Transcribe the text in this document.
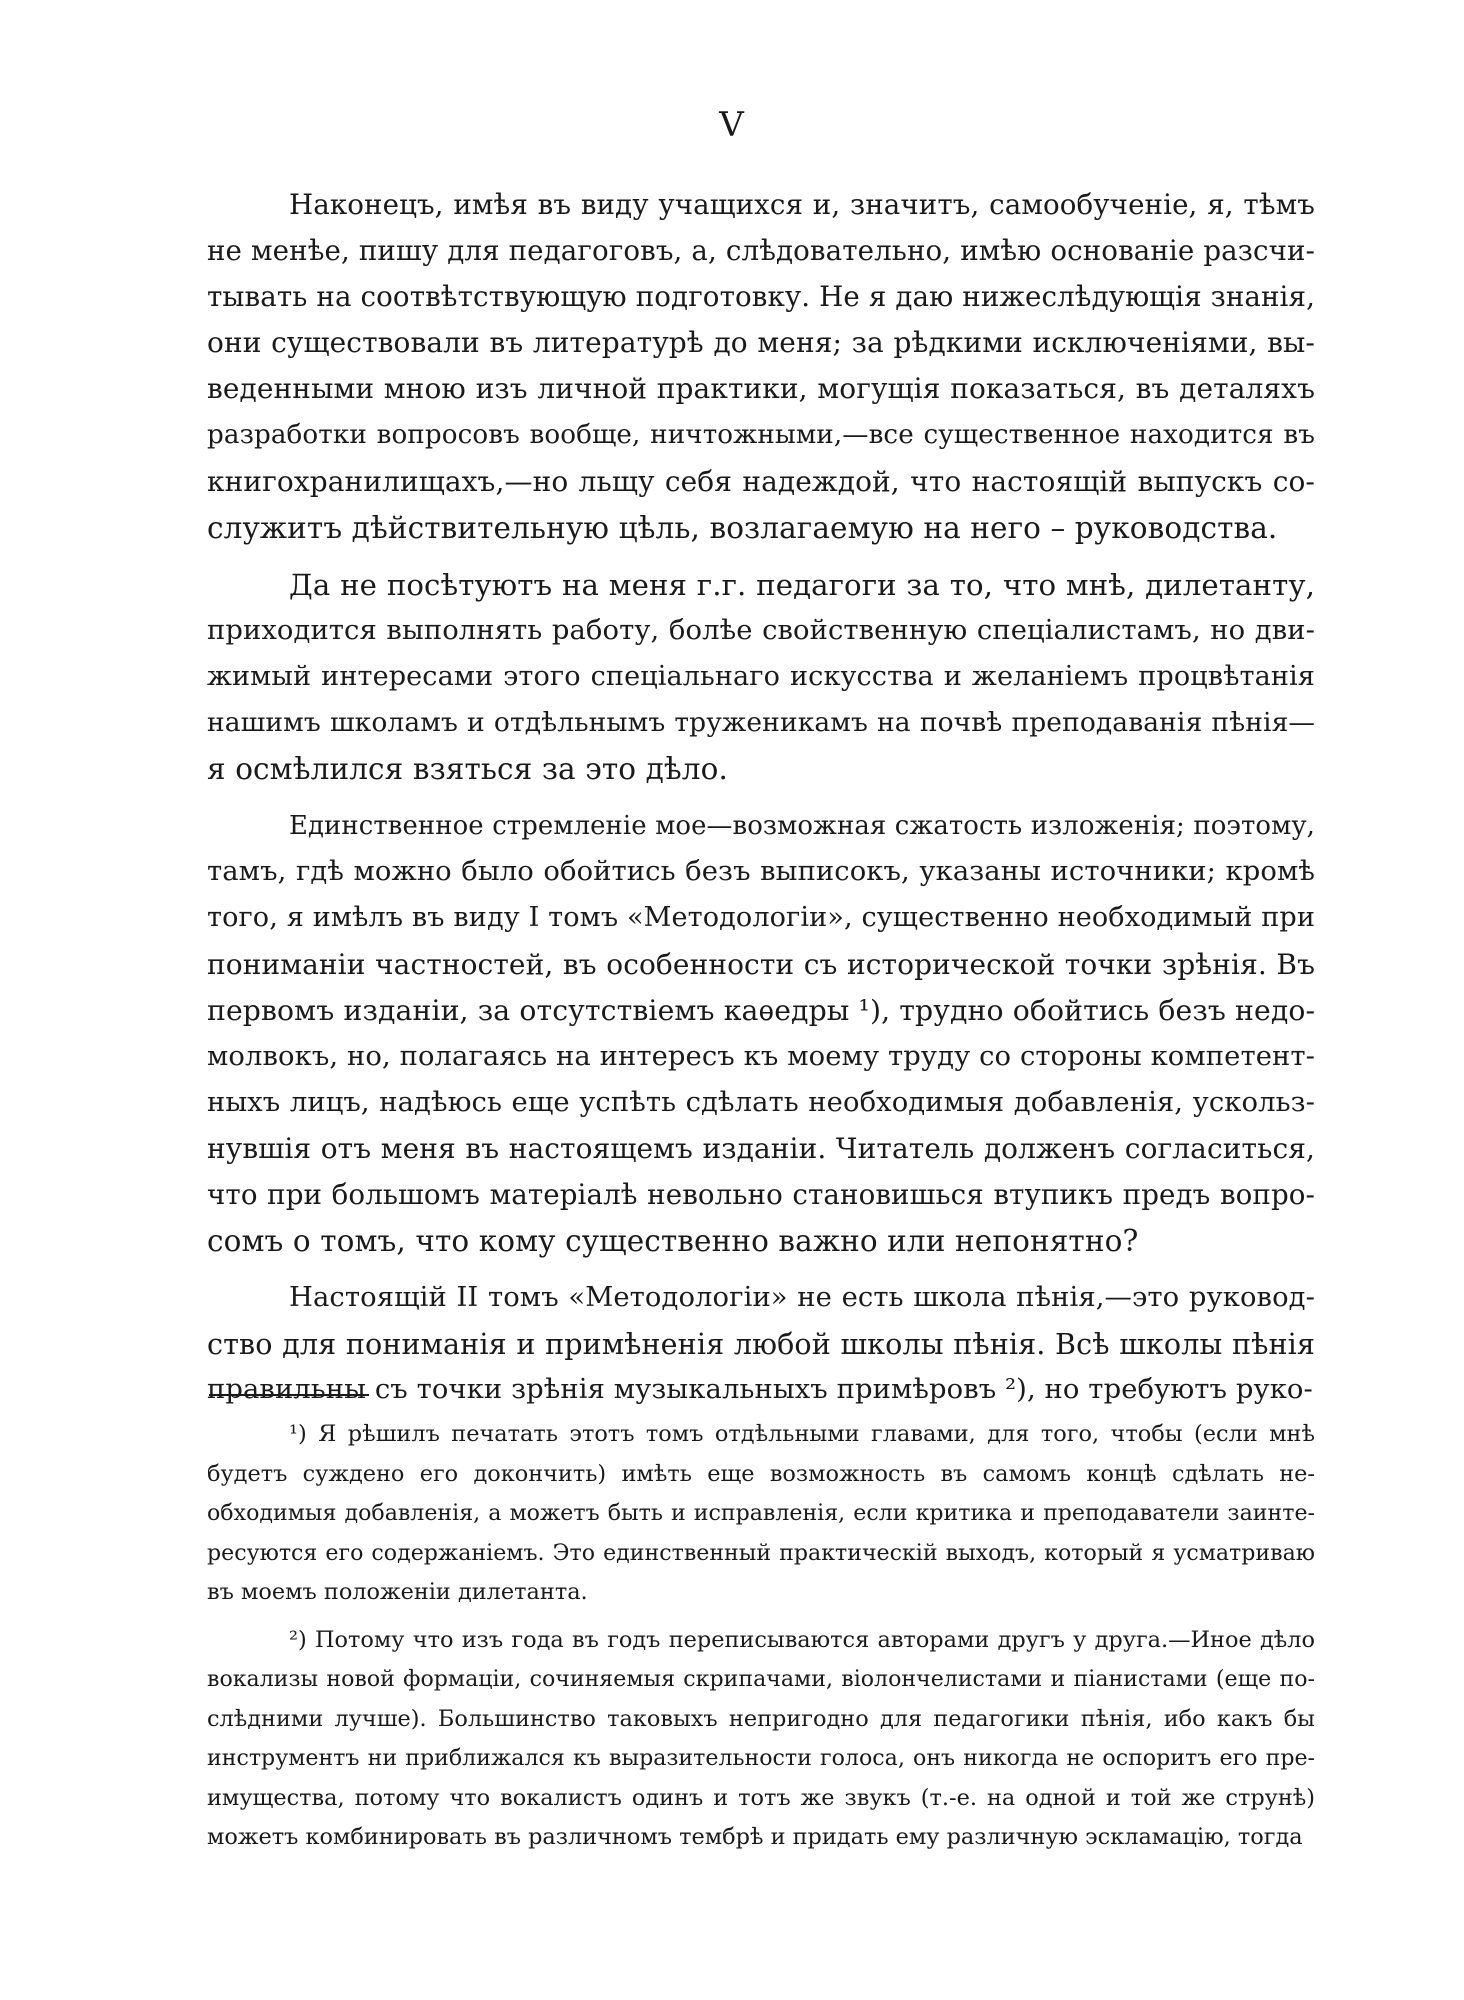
V
Наконецъ, имѣя въ виду учащихся и, значитъ, самообученіе, я, тѣмъ
не менѣе, пишу для педагоговъ, а, слѣдовательно, имѣю основаніе разсчи-
тывать на соотвѣтствующую подготовку. Не я даю нижеслѣдующія знанія,
они существовали въ литературѣ до меня; за рѣдкими исключеніями, вы-
веденными мною изъ личной практики, могущія показаться, въ деталяхъ
разработки вопросовъ вообще, ничтожными,—все существенное находится въ
книгохранилищахъ,—но льщу себя надеждой, что настоящій выпускъ со-
служитъ дѣйствительную цѣль, возлагаемую на него – руководства.
Да не посѣтуютъ на меня г.г. педагоги за то, что мнѣ, дилетанту,
приходится выполнять работу, болѣе свойственную спеціалистамъ, но дви-
жимый интересами этого спеціальнаго искусства и желаніемъ процвѣтанія
нашимъ школамъ и отдѣльнымъ труженикамъ на почвѣ преподаванія пѣнія—
я осмѣлился взяться за это дѣло.
Единственное стремленіе мое—возможная сжатость изложенія; поэтому,
тамъ, гдѣ можно было обойтись безъ выписокъ, указаны источники; кромѣ
того, я имѣлъ въ виду I томъ «Методологіи», существенно необходимый при
пониманіи частностей, въ особенности съ исторической точки зрѣнія. Въ
первомъ изданіи, за отсутствіемъ каѳедры ¹), трудно обойтись безъ недо-
молвокъ, но, полагаясь на интересъ къ моему труду со стороны компетент-
ныхъ лицъ, надѣюсь еще успѣть сдѣлать необходимыя добавленія, ускольз-
нувшія отъ меня въ настоящемъ изданіи. Читатель долженъ согласиться,
что при большомъ матеріалѣ невольно становишься втупикъ предъ вопро-
сомъ о томъ, что кому существенно важно или непонятно?
Настоящій II томъ «Методологіи» не есть школа пѣнія,—это руковод-
ство для пониманія и примѣненія любой школы пѣнія. Всѣ школы пѣнія
правильны съ точки зрѣнія музыкальныхъ примѣровъ ²), но требуютъ руко-
¹) Я рѣшилъ печатать этотъ томъ отдѣльными главами, для того, чтобы (если мнѣ
будетъ суждено его докончить) имѣть еще возможность въ самомъ концѣ сдѣлать не-
обходимыя добавленія, а можетъ быть и исправленія, если критика и преподаватели заинте-
ресуются его содержаніемъ. Это единственный практическій выходъ, который я усматриваю
въ моемъ положеніи дилетанта.
²) Потому что изъ года въ годъ переписываются авторами другъ у друга.—Иное дѣло
вокализы новой формаціи, сочиняемыя скрипачами, віолончелистами и піанистами (еще по-
слѣдними лучше). Большинство таковыхъ непригодно для педагогики пѣнія, ибо какъ бы
инструментъ ни приближался къ выразительности голоса, онъ никогда не оспоритъ его пре-
имущества, потому что вокалистъ одинъ и тотъ же звукъ (т.-е. на одной и той же струнѣ)
можетъ комбинировать въ различномъ тембрѣ и придать ему различную эскламацію, тогда
